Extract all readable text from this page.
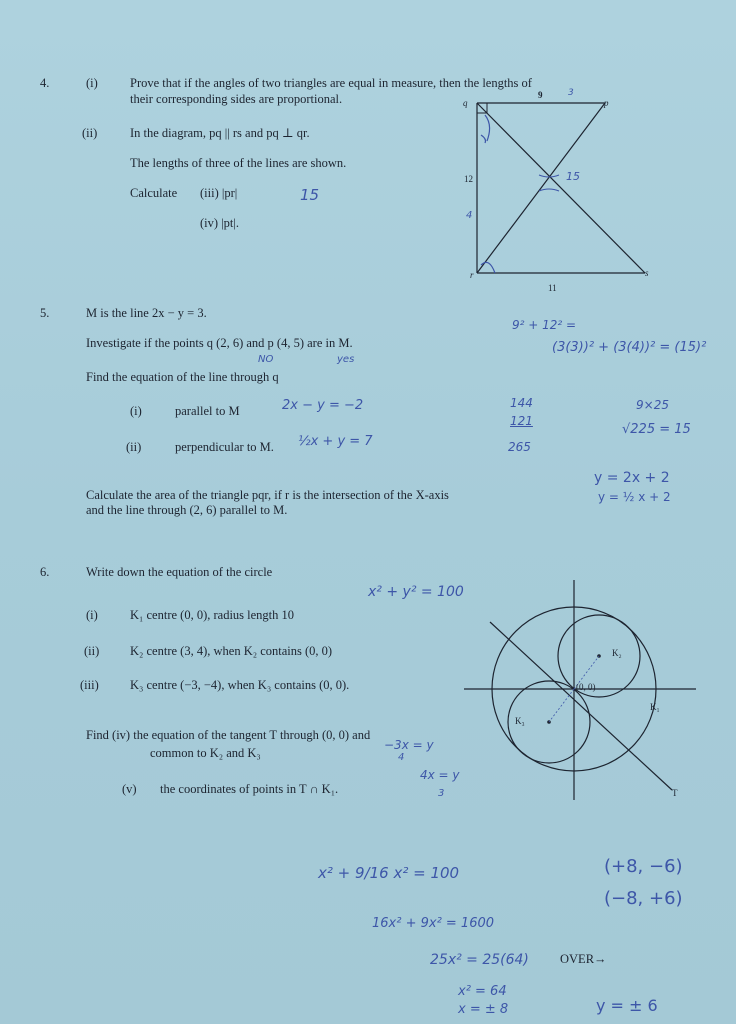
4.	(i)	Prove that if the angles of two triangles are equal in measure, then the lengths of
their corresponding sides are proportional.
(ii)	In the diagram, pq || rs and pq ⊥ qr.
The lengths of three of the lines are shown.
Calculate (iii) |pr|
(iv) |pt|.
15
q	p
r	s
9
12
11
3
15
4
5.	M is the line 2x − y = 3.
Investigate if the points q (2, 6) and p (4, 5) are in M.
Find the equation of the line through q
(i)	parallel to M
(ii)	perpendicular to M.
Calculate the area of the triangle pqr, if r is the intersection of the X-axis
and the line through (2, 6) parallel to M.
NO	yes
2x − y = −2
½x + y = 7
9² + 12² =
(3(3))² + (3(4))² = (15)²
144
121
265
9×25
√225 = 15
y = 2x + 2
y = ½ x + 2
6.	Write down the equation of the circle
x² + y² = 100
(i)	K₁ centre (0, 0), radius length 10
(ii) K₂ centre (3, 4), when K₂ contains (0, 0)
(iii)	K₃ centre (−3, −4), when K₃ contains (0, 0).
Find (iv) the equation of the tangent T through (0, 0) and
common to K₂ and K₃
(v) the coordinates of points in T ∩ K₁.
−3x = y
4
4x = y
3
K₂
K₃
K₁
(0, 0)
T
x² + 9/16 x² = 100
16x² + 9x² = 1600
25x² = 25(64)
x² = 64
x = ± 8	y = ± 6
(+8, −6)
(−8, +6)
OVER→
